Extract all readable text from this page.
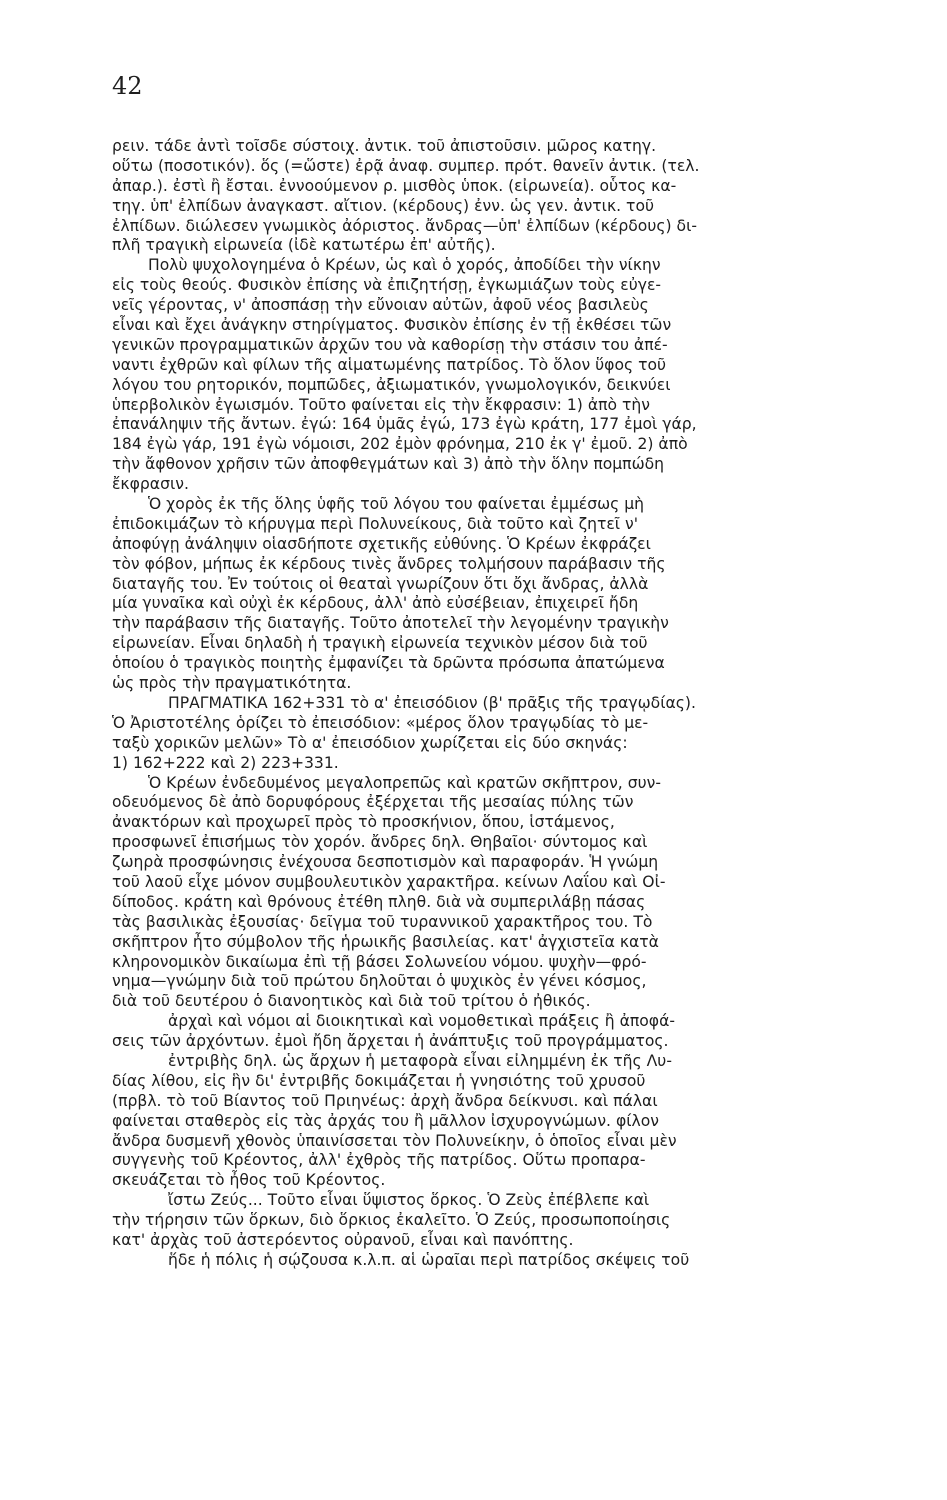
42
ρειν. τάδε ἀντὶ τοῖσδε σύστοιχ. ἀντικ. τοῦ ἀπιστοῦσιν. μῶρος κατηγ.
οὕτω (ποσοτικόν). ὅς (=ὥστε) ἐρᾷ ἀναφ. συμπερ. πρότ. θανεῖν ἀντικ. (τελ.
ἀπαρ.). ἐστὶ ἢ ἔσται. ἐννοούμενον ρ. μισθὸς ὑποκ. (εἰρωνεία). οὗτος κα-
τηγ. ὑπ' ἐλπίδων ἀναγκαστ. αἴτιον. (κέρδους) ἐνν. ὡς γεν. ἀντικ. τοῦ
ἐλπίδων. διώλεσεν γνωμικὸς ἀόριστος. ἄνδρας—ὑπ' ἐλπίδων (κέρδους) δι-
πλῆ τραγικὴ εἰρωνεία (ἰδὲ κατωτέρω ἐπ' αὐτῆς).
Πολὺ ψυχολογημένα ὁ Κρέων, ὡς καὶ ὁ χορός, ἀποδίδει τὴν νίκην
εἰς τοὺς θεούς. Φυσικὸν ἐπίσης νὰ ἐπιζητήσῃ, ἐγκωμιάζων τοὺς εὐγε-
νεῖς γέροντας, ν' ἀποσπάσῃ τὴν εὔνοιαν αὐτῶν, ἀφοῦ νέος βασιλεὺς
εἶναι καὶ ἔχει ἀνάγκην στηρίγματος. Φυσικὸν ἐπίσης ἐν τῇ ἐκθέσει τῶν
γενικῶν προγραμματικῶν ἀρχῶν του νὰ καθορίσῃ τὴν στάσιν του ἀπέ-
ναντι ἐχθρῶν καὶ φίλων τῆς αἱματωμένης πατρίδος. Τὸ ὅλον ὕφος τοῦ
λόγου του ρητορικόν, πομπῶδες, ἀξιωματικόν, γνωμολογικόν, δεικνύει
ὑπερβολικὸν ἐγωισμόν. Τοῦτο φαίνεται εἰς τὴν ἔκφρασιν: 1) ἀπὸ τὴν
ἐπανάληψιν τῆς ἄντων. ἐγώ: 164 ὑμᾶς ἐγώ, 173 ἐγὼ κράτη, 177 ἐμοὶ γάρ,
184 ἐγὼ γάρ, 191 ἐγὼ νόμοισι, 202 ἐμὸν φρόνημα, 210 ἐκ γ' ἐμοῦ. 2) ἀπὸ
τὴν ἄφθονον χρῆσιν τῶν ἀποφθεγμάτων καὶ 3) ἀπὸ τὴν ὅλην πομπώδη
ἔκφρασιν.
Ὁ χορὸς ἐκ τῆς ὅλης ὑφῆς τοῦ λόγου του φαίνεται ἐμμέσως μὴ
ἐπιδοκιμάζων τὸ κήρυγμα περὶ Πολυνείκους, διὰ τοῦτο καὶ ζητεῖ ν'
ἀποφύγῃ ἀνάληψιν οἱασδήποτε σχετικῆς εὐθύνης. Ὁ Κρέων ἐκφράζει
τὸν φόβον, μήπως ἐκ κέρδους τινὲς ἄνδρες τολμήσουν παράβασιν τῆς
διαταγῆς του. Ἐν τούτοις οἱ θεαταὶ γνωρίζουν ὅτι ὄχι ἄνδρας, ἀλλὰ
μία γυναῖκα καὶ οὐχὶ ἐκ κέρδους, ἀλλ' ἀπὸ εὐσέβειαν, ἐπιχειρεῖ ἤδη
τὴν παράβασιν τῆς διαταγῆς. Τοῦτο ἀποτελεῖ τὴν λεγομένην τραγικὴν
εἰρωνείαν. Εἶναι δηλαδὴ ἡ τραγικὴ εἰρωνεία τεχνικὸν μέσον διὰ τοῦ
ὁποίου ὁ τραγικὸς ποιητὴς ἐμφανίζει τὰ δρῶντα πρόσωπα ἀπατώμενα
ὡς πρὸς τὴν πραγματικότητα.
ΠΡΑΓΜΑΤΙΚΑ 162+331 τὸ α' ἐπεισόδιον (β' πρᾶξις τῆς τραγῳδίας).
Ὁ Ἀριστοτέλης ὁρίζει τὸ ἐπεισόδιον: «μέρος ὅλον τραγῳδίας τὸ με-
ταξὺ χορικῶν μελῶν» Τὸ α' ἐπεισόδιον χωρίζεται εἰς δύο σκηνάς:
1) 162+222 καὶ 2) 223+331.
Ὁ Κρέων ἐνδεδυμένος μεγαλοπρεπῶς καὶ κρατῶν σκῆπτρον, συν-
οδευόμενος δὲ ἀπὸ δορυφόρους ἐξέρχεται τῆς μεσαίας πύλης τῶν
ἀνακτόρων καὶ προχωρεῖ πρὸς τὸ προσκήνιον, ὅπου, ἱστάμενος,
προσφωνεῖ ἐπισήμως τὸν χορόν. ἄνδρες δηλ. Θηβαῖοι· σύντομος καὶ
ζωηρὰ προσφώνησις ἐνέχουσα δεσποτισμὸν καὶ παραφοράν. Ἡ γνώμη
τοῦ λαοῦ εἶχε μόνον συμβουλευτικὸν χαρακτῆρα. κείνων Λαΐου καὶ Οἰ-
δίποδος. κράτη καὶ θρόνους ἐτέθη πληθ. διὰ νὰ συμπεριλάβῃ πάσας
τὰς βασιλικὰς ἐξουσίας· δεῖγμα τοῦ τυραννικοῦ χαρακτῆρος του. Τὸ
σκῆπτρον ἦτο σύμβολον τῆς ἡρωικῆς βασιλείας. κατ' ἀγχιστεῖα κατὰ
κληρονομικὸν δικαίωμα ἐπὶ τῇ βάσει Σολωνείου νόμου. ψυχὴν—φρό-
νημα—γνώμην διὰ τοῦ πρώτου δηλοῦται ὁ ψυχικὸς ἐν γένει κόσμος,
διὰ τοῦ δευτέρου ὁ διανοητικὸς καὶ διὰ τοῦ τρίτου ὁ ἠθικός.
ἀρχαὶ καὶ νόμοι αἱ διοικητικαὶ καὶ νομοθετικαὶ πράξεις ἢ ἀποφά-
σεις τῶν ἀρχόντων. ἐμοὶ ἤδη ἄρχεται ἡ ἀνάπτυξις τοῦ προγράμματος.
ἐντριβὴς δηλ. ὡς ἄρχων ἡ μεταφορὰ εἶναι εἰλημμένη ἐκ τῆς Λυ-
δίας λίθου, εἰς ἣν δι' ἐντριβῆς δοκιμάζεται ἡ γνησιότης τοῦ χρυσοῦ
(πρβλ. τὸ τοῦ Βίαντος τοῦ Πριηνέως: ἀρχὴ ἄνδρα δείκνυσι. καὶ πάλαι
φαίνεται σταθερὸς εἰς τὰς ἀρχάς του ἢ μᾶλλον ἰσχυρογνώμων. φίλον
ἄνδρα δυσμενῆ χθονὸς ὑπαινίσσεται τὸν Πολυνείκην, ὁ ὁποῖος εἶναι μὲν
συγγενὴς τοῦ Κρέοντος, ἀλλ' ἐχθρὸς τῆς πατρίδος. Οὕτω προπαρα-
σκευάζεται τὸ ἦθος τοῦ Κρέοντος.
ἴστω Ζεύς... Τοῦτο εἶναι ὕψιστος ὅρκος. Ὁ Ζεὺς ἐπέβλεπε καὶ
τὴν τήρησιν τῶν ὅρκων, διὸ ὅρκιος ἐκαλεῖτο. Ὁ Ζεύς, προσωποποίησις
κατ' ἀρχὰς τοῦ ἀστερόεντος οὐρανοῦ, εἶναι καὶ πανόπτης.
ἥδε ἡ πόλις ἡ σῴζουσα κ.λ.π. αἱ ὡραῖαι περὶ πατρίδος σκέψεις τοῦ
